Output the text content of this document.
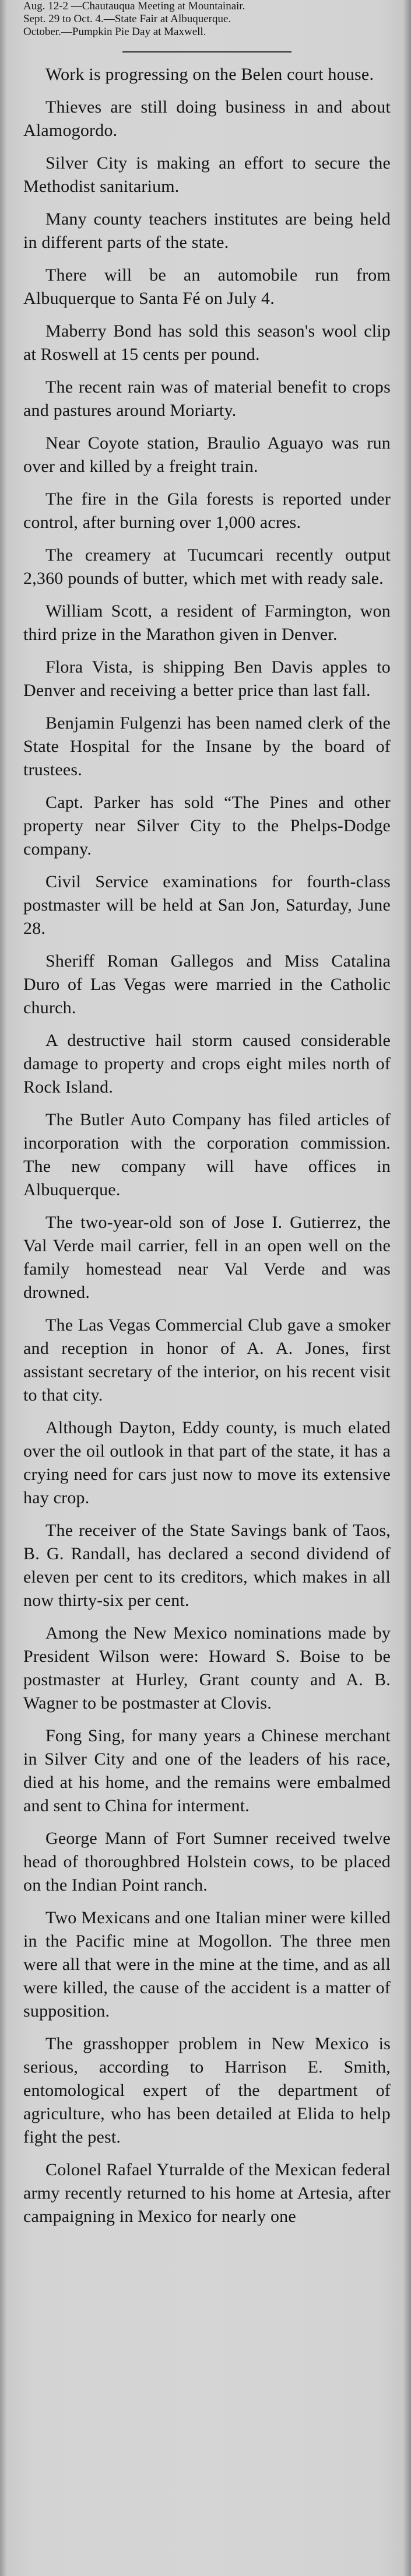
Aug. 12-2 —Chautauqua Meeting at Mountainair.

Sept. 29 to Oct. 4.—State Fair at Albuquerque.

October.—Pumpkin Pie Day at Maxwell.

Work is progressing on the Belen court house.

Thieves are still doing business in and about Alamogordo.

Silver City is making an effort to secure the Methodist sanitarium.

Many county teachers institutes are being held in different parts of the state.

There will be an automobile run from Albuquerque to Santa Fé on July 4.

Maberry Bond has sold this season's wool clip at Roswell at 15 cents per pound.

The recent rain was of material benefit to crops and pastures around Moriarty.

Near Coyote station, Braulio Aguayo was run over and killed by a freight train.

The fire in the Gila forests is reported under control, after burning over 1,000 acres.

The creamery at Tucumcari recently output 2,360 pounds of butter, which met with ready sale.

William Scott, a resident of Farmington, won third prize in the Marathon given in Denver.

Flora Vista, is shipping Ben Davis apples to Denver and receiving a better price than last fall.

Benjamin Fulgenzi has been named clerk of the State Hospital for the Insane by the board of trustees.

Capt. Parker has sold “The Pines and other property near Silver City to the Phelps-Dodge company.

Civil Service examinations for fourth-class postmaster will be held at San Jon, Saturday, June 28.

Sheriff Roman Gallegos and Miss Catalina Duro of Las Vegas were married in the Catholic church.

A destructive hail storm caused considerable damage to property and crops eight miles north of Rock Island.

The Butler Auto Company has filed articles of incorporation with the corporation commission. The new company will have offices in Albuquerque.

The two-year-old son of Jose I. Gutierrez, the Val Verde mail carrier, fell in an open well on the family homestead near Val Verde and was drowned.

The Las Vegas Commercial Club gave a smoker and reception in honor of A. A. Jones, first assistant secretary of the interior, on his recent visit to that city.

Although Dayton, Eddy county, is much elated over the oil outlook in that part of the state, it has a crying need for cars just now to move its extensive hay crop.

The receiver of the State Savings bank of Taos, B. G. Randall, has declared a second dividend of eleven per cent to its creditors, which makes in all now thirty-six per cent.

Among the New Mexico nominations made by President Wilson were: Howard S. Boise to be postmaster at Hurley, Grant county and A. B. Wagner to be postmaster at Clovis.

Fong Sing, for many years a Chinese merchant in Silver City and one of the leaders of his race, died at his home, and the remains were embalmed and sent to China for interment.

George Mann of Fort Sumner received twelve head of thoroughbred Holstein cows, to be placed on the Indian Point ranch.

Two Mexicans and one Italian miner were killed in the Pacific mine at Mogollon. The three men were all that were in the mine at the time, and as all were killed, the cause of the accident is a matter of supposition.

The grasshopper problem in New Mexico is serious, according to Harrison E. Smith, entomological expert of the department of agriculture, who has been detailed at Elida to help fight the pest.

Colonel Rafael Yturralde of the Mexican federal army recently returned to his home at Artesia, after campaigning in Mexico for nearly one
